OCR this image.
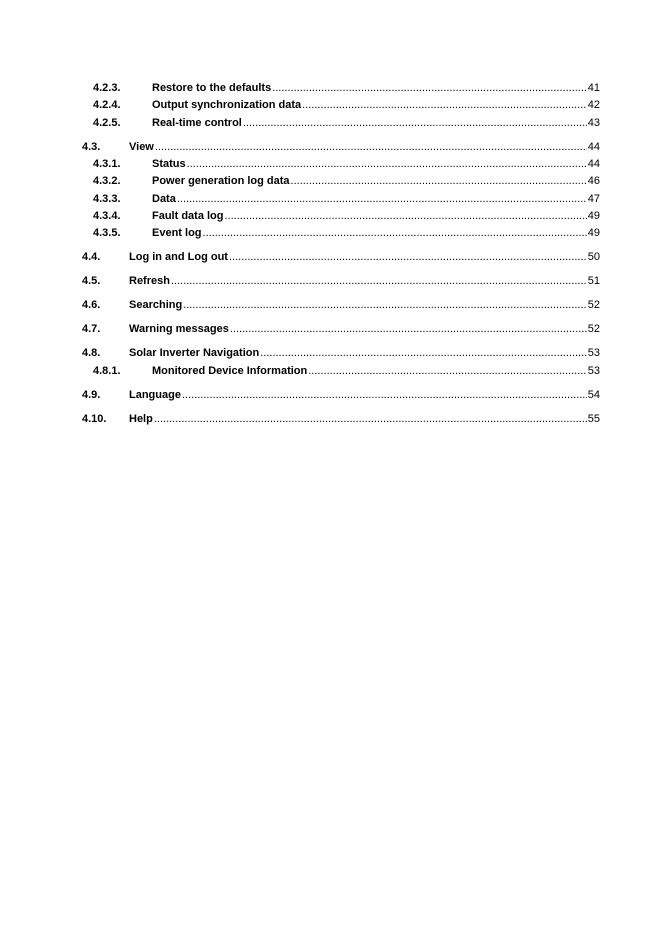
4.2.3.	Restore to the defaults .....	41
4.2.4.	Output synchronization data .....	42
4.2.5.	Real-time control .....	43
4.3.	View .....	44
4.3.1.	Status .....	44
4.3.2.	Power generation log data .....	46
4.3.3.	Data .....	47
4.3.4.	Fault data log .....	49
4.3.5.	Event log .....	49
4.4.	Log in and Log out .....	50
4.5.	Refresh .....	51
4.6.	Searching .....	52
4.7.	Warning messages .....	52
4.8.	Solar Inverter Navigation .....	53
4.8.1.	Monitored Device Information .....	53
4.9.	Language .....	54
4.10. Help .....	55
